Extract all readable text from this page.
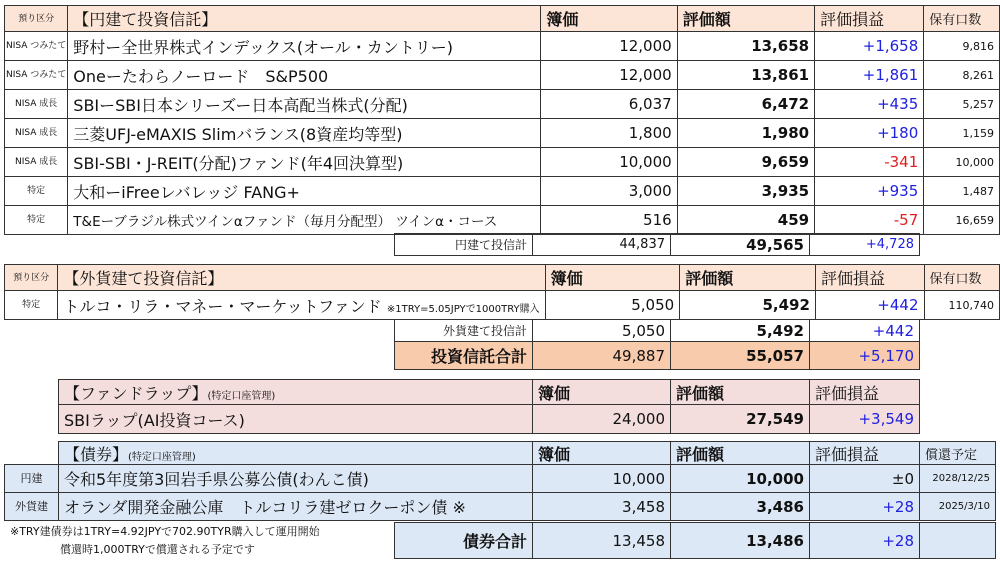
預り区分	【円建て投資信託】	簿価	評価額	評価損益	保有口数
NISA つみたて	野村ー全世界株式インデックス(オール・カントリー)	12,000	13,658	+1,658	9,816
NISA つみたて	Oneーたわらノーロード　S&P500	12,000	13,861	+1,861	8,261
NISA 成長	SBIーSBI日本シリーズー日本高配当株式(分配)	6,037	6,472	+435	5,257
NISA 成長	三菱UFJ-eMAXIS Slimバランス(8資産均等型)	1,800	1,980	+180	1,159
NISA 成長	SBI-SBI・J-REIT(分配)ファンド(年4回決算型)	10,000	9,659	-341	10,000
特定	大和ーiFreeレバレッジ FANG+	3,000	3,935	+935	1,487
特定	T&Eーブラジル株式ツインαファンド（毎月分配型） ツインα・コース	516	459	-57	16,659
円建て投信計	44,837	49,565	+4,728
預り区分	【外貨建て投資信託】	簿価	評価額	評価損益	保有口数
特定	トルコ・リラ・マネー・マーケットファンド ※1TRY=5.05JPYで1000TRY購入	5,050	5,492	+442	110,740
外貨建て投信計	5,050	5,492	+442
投資信託合計	49,887	55,057	+5,170
【ファンドラップ】(特定口座管理)	簿価	評価額	評価損益
SBIラップ(AI投資コース)	24,000	27,549	+3,549
【債券】(特定口座管理)	簿価	評価額	評価損益	償還予定
円建	令和5年度第3回岩手県公募公債(わんこ債)	10,000	10,000	±0	2028/12/25
外貨建	オランダ開発金融公庫　トルコリラ建ゼロクーポン債 ※	3,458	3,486	+28	2025/3/10
債券合計	13,458	13,486	+28	
※TRY建債券は1TRY=4.92JPYで702.90TYR購入して運用開始
償還時1,000TRYで償還される予定です
